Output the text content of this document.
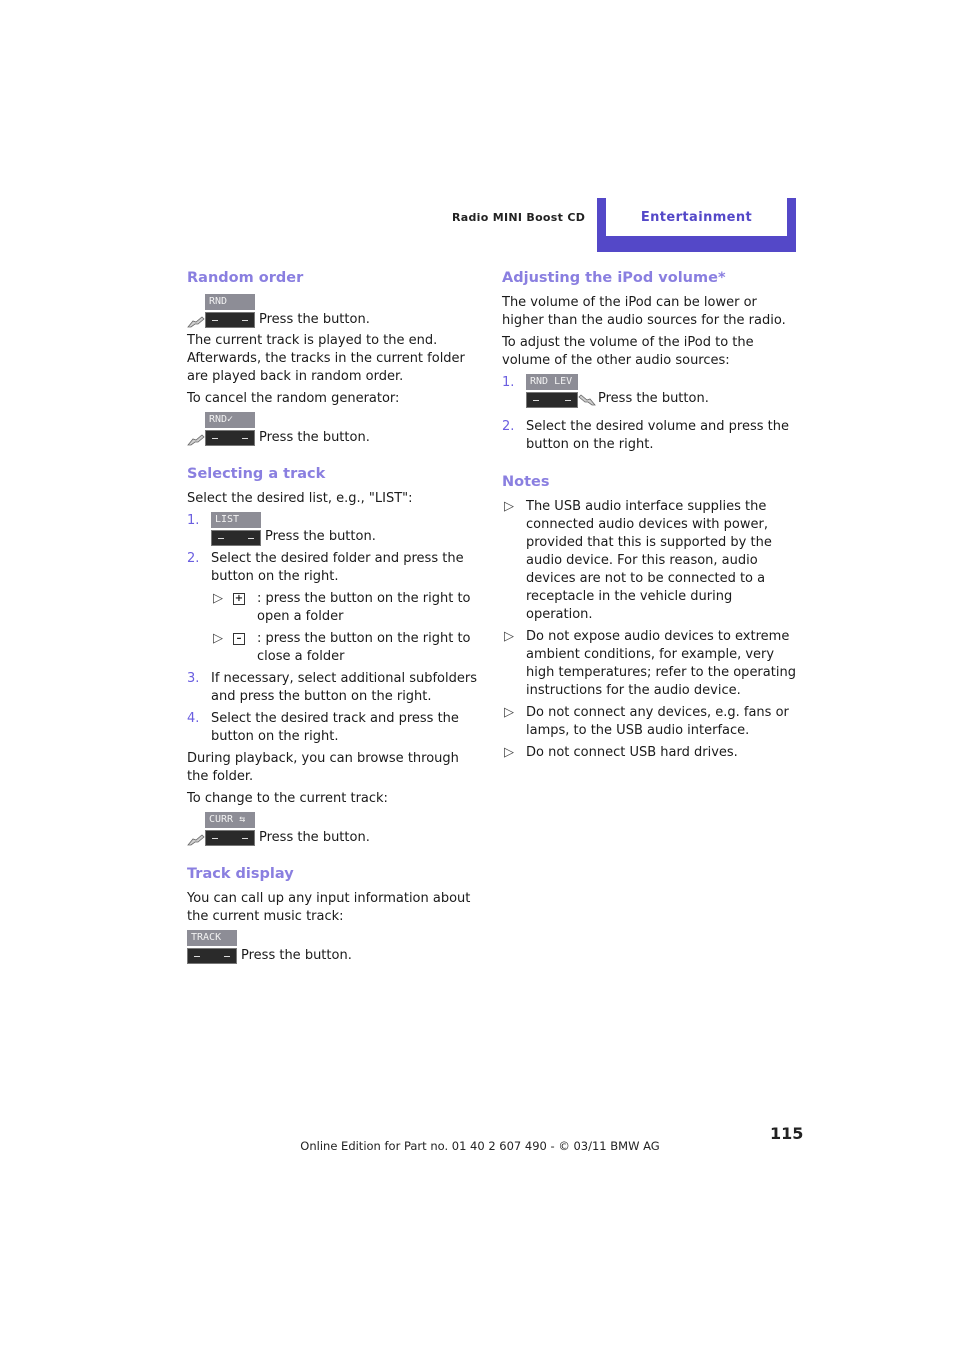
Radio MINI Boost CD	Entertainment
Random order
RND
Press the button.

The current track is played to the end. Afterwards, the tracks in the current folder are played back in random order.

To cancel the random generator:

RND✓
Press the button.
Selecting a track

Select the desired list, e.g., "LIST":

1.	LIST
Press the button.
2. Select the desired folder and press the button on the right.
▷ +	: press the button on the right to open a folder
▷	–	: press the button on the right to close a folder
3. If necessary, select additional subfolders and press the button on the right.
4. Select the desired track and press the button on the right.

During playback, you can browse through the folder.

To change to the current track:

CURR ⇆
Press the button.
Track display

You can call up any input information about the current music track:

TRACK
Press the button.
Adjusting the iPod volume*

The volume of the iPod can be lower or higher than the audio sources for the radio.

To adjust the volume of the iPod to the volume of the other audio sources:

1.	RND LEV
Press the button.
2. Select the desired volume and press the button on the right.
Notes
▷ The USB audio interface supplies the connected audio devices with power, provided that this is supported by the audio device. For this reason, audio devices are not to be connected to a receptacle in the vehicle during operation.
▷ Do not expose audio devices to extreme ambient conditions, for example, very high temperatures; refer to the operating instructions for the audio device.
▷ Do not connect any devices, e.g. fans or lamps, to the USB audio interface.
▷ Do not connect USB hard drives.
115
Online Edition for Part no. 01 40 2 607 490 - © 03/11 BMW AG
